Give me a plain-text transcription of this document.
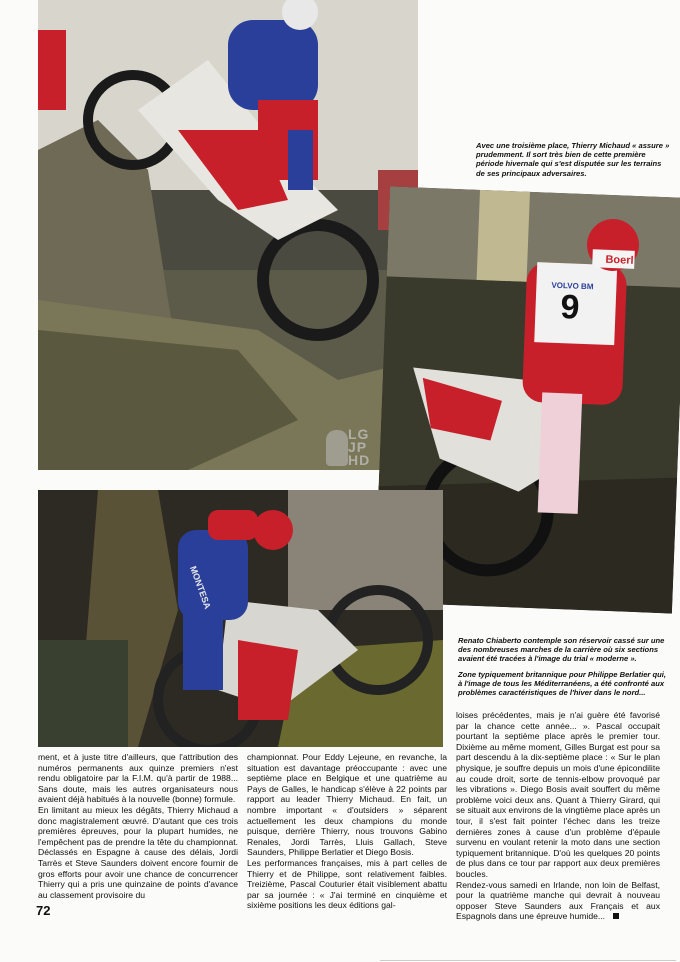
Boerl
9
VOLVO BM
LG JP HD
MONTESA
Avec une troisième place, Thierry Michaud « assure » prudemment. Il sort très bien de cette première période hivernale qui s'est disputée sur les terrains de ses principaux adversaires.

Renato Chiaberto contemple son réservoir cassé sur une des nombreuses marches de la carrière où six sections avaient été tracées à l'image du trial « moderne ».

Zone typiquement britannique pour Philippe Berlatier qui, à l'image de tous les Méditerranéens, a été confronté aux problèmes caractéristiques de l'hiver dans le nord...

ment, et à juste titre d'ailleurs, que l'attribution des numéros permanents aux quinze premiers n'est rendu obligatoire par la F.I.M. qu'à partir de 1988... Sans doute, mais les autres organisateurs nous avaient déjà habitués à la nouvelle (bonne) formule.

En limitant au mieux les dégâts, Thierry Michaud a donc magistralement œuvré. D'autant que ces trois premières épreuves, pour la plupart humides, ne l'empêchent pas de prendre la tête du championnat. Déclassés en Espagne à cause des délais, Jordi Tarrès et Steve Saunders doivent encore fournir de gros efforts pour avoir une chance de concurrencer Thierry qui a pris une quinzaine de points d'avance au classement provisoire du

championnat. Pour Eddy Lejeune, en revanche, la situation est davantage préoccupante : avec une septième place en Belgique et une quatrième au Pays de Galles, le handicap s'élève à 22 points par rapport au leader Thierry Michaud. En fait, un nombre important « d'outsiders » séparent actuellement les deux champions du monde puisque, derrière Thierry, nous trouvons Gabino Renales, Jordi Tarrès, Lluis Gallach, Steve Saunders, Philippe Berlatier et Diego Bosis.

Les performances françaises, mis à part celles de Thierry et de Philippe, sont relativement faibles. Treizième, Pascal Couturier était visiblement abattu par sa journée : « J'ai terminé en cinquième et sixième positions les deux éditions gal-

loises précédentes, mais je n'ai guère été favorisé par la chance cette année... ». Pascal occupait pourtant la septième place après le premier tour. Dixième au même moment, Gilles Burgat est pour sa part descendu à la dix-septième place : « Sur le plan physique, je souffre depuis un mois d'une épicondilite au coude droit, sorte de tennis-elbow provoqué par les vibrations ». Diego Bosis avait souffert du même problème voici deux ans. Quant à Thierry Girard, qui se situait aux environs de la vingtième place après un tour, il s'est fait pointer l'échec dans les treize dernières zones à cause d'un problème d'épaule survenu en voulant retenir la moto dans une section typiquement britannique. D'où les quelques 20 points de plus dans ce tour par rapport aux deux premières boucles.

Rendez-vous samedi en Irlande, non loin de Belfast, pour la quatrième manche qui devrait à nouveau opposer Steve Saunders aux Français et aux Espagnols dans une épreuve humide...

72
